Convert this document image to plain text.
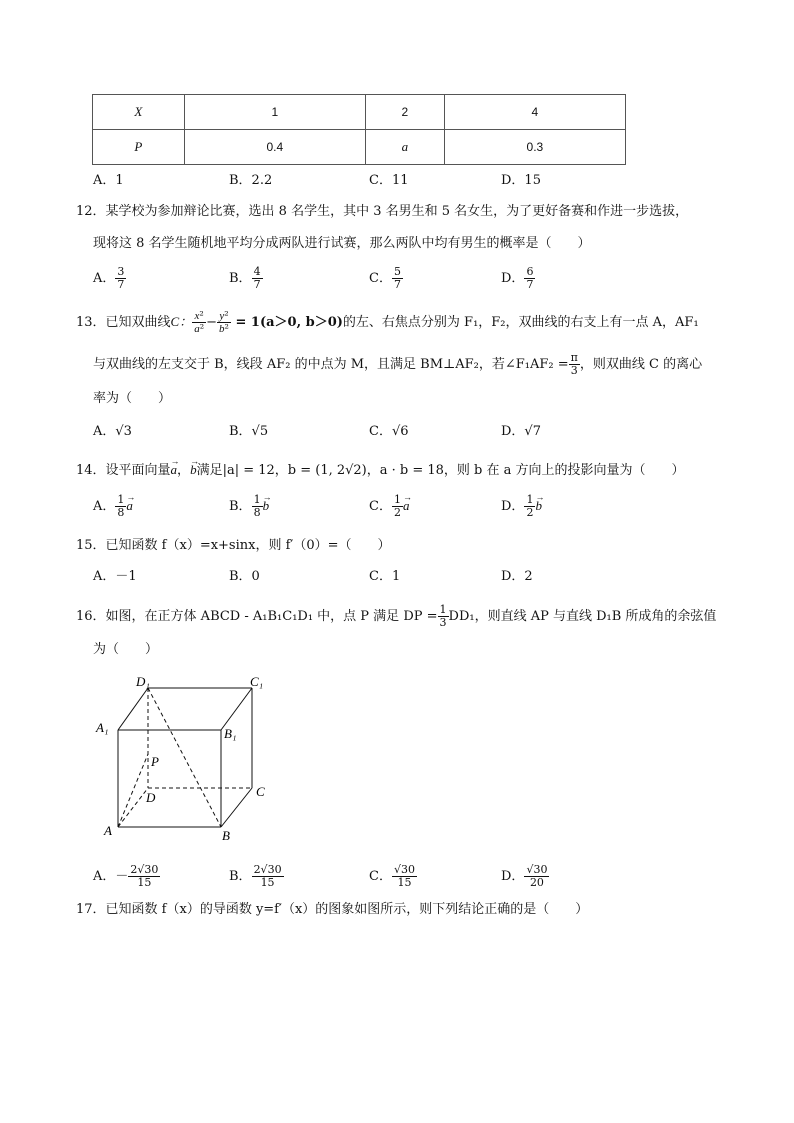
X	1	2	4
P	0.4	a	0.3
A．1	B．2.2	C．11	D．15
12．某学校为参加辩论比赛，选出 8 名学生，其中 3 名男生和 5 名女生，为了更好备赛和作进一步选拔，
现将这 8 名学生随机地平均分成两队进行试赛，那么两队中均有男生的概率是（　　）
A． $\frac{3}{7}$	B． $\frac{4}{7}$	C． $\frac{5}{7}$	D． $\frac{6}{7}$
13．已知双曲线C： $\frac{\text{x²}}{\text{a²}} - \frac{\text{y²}}{\text{b²}} = 1(a>0$, b＞0)的左、右焦点分别为 F₁，F₂，双曲线的右支上有一点 A，AF₁
与双曲线的左支交于 B，线段 AF₂ 的中点为 M，且满足 BM⊥AF₂，若∠F₁AF₂ = $\frac{\pi}{3}$ ，则双曲线 C 的离心
率为（　　）
A．√3	B．√5	C．√6	D．√7
14．设平面向量→ a，→ b满足|a| = 12，b = (1, 2√2)，a · b = 18，则 b 在 a 方向上的投影向量为（　　）
A． $\frac{1}{8} \to a$	B． $\frac{1}{8} \to b$	C． $\frac{1}{2} \to a$	D． $\frac{1}{2} \to b$
15．已知函数 f（x）=x+sinx，则 f′（0）=（　　）
A．－1	B．0	C．1	D．2
16．如图，在正方体 ABCD - A₁B₁C₁D₁ 中，点 P 满足 DP = $\frac{1}{3} DD_1$，则直线 AP 与直线 D₁B 所成角的余弦值
为（　　）
D₁	C₁
A₁	B₁
P
D	C
A	B
A．－ $\frac{2√30}{15}$	B． $\frac{2√30}{15}$	C． $\frac{√30}{15}$	D． $\frac{√30}{20}$
17．已知函数 f（x）的导函数 y=f′（x）的图象如图所示，则下列结论正确的是（　　）
